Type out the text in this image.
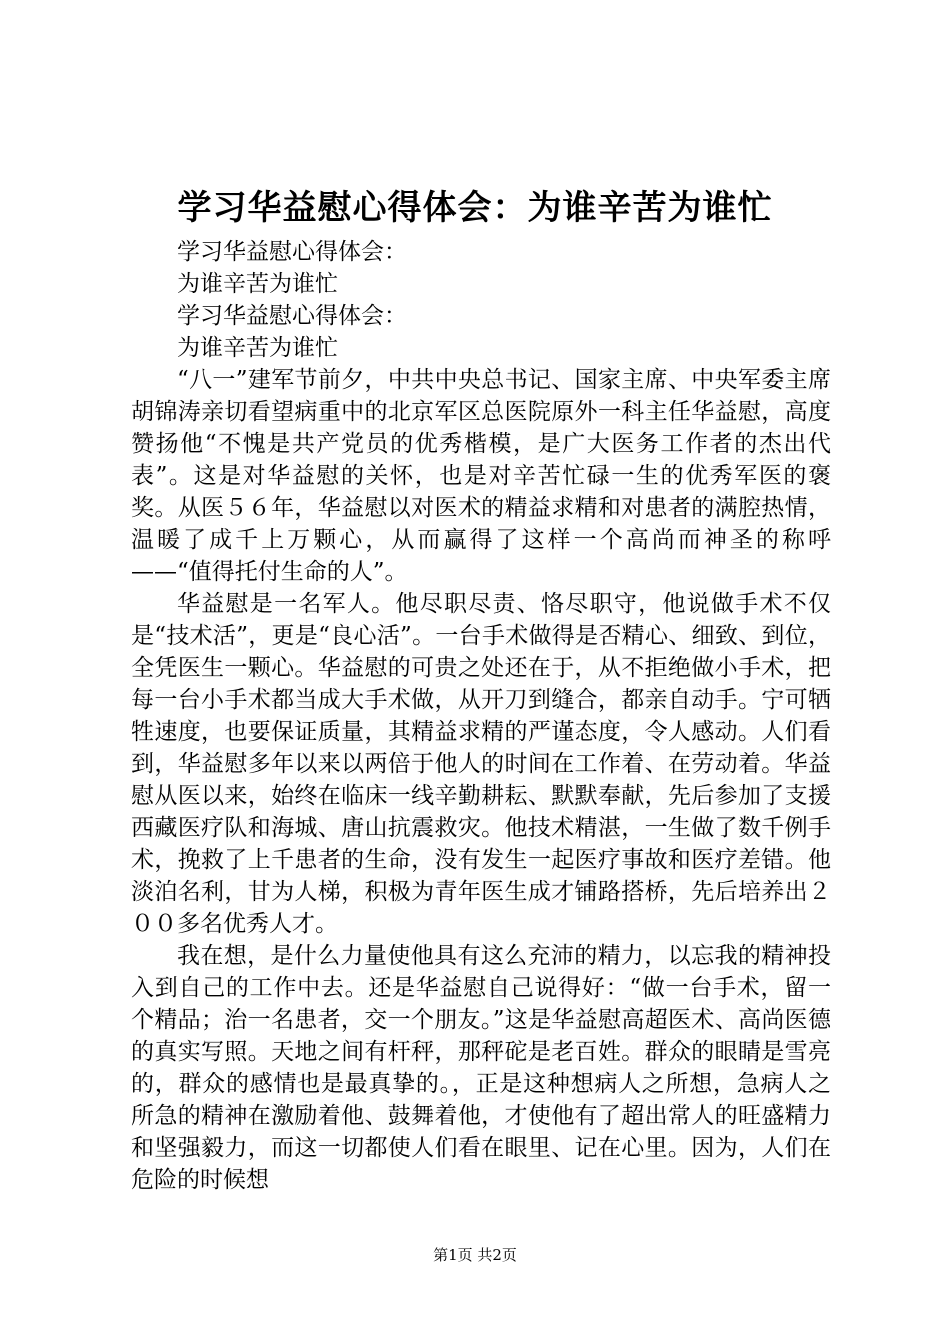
学习华益慰心得体会：为谁辛苦为谁忙

学习华益慰心得体会：

为谁辛苦为谁忙

学习华益慰心得体会：

为谁辛苦为谁忙

“八一”建军节前夕，中共中央总书记、国家主席、中央军委主席胡锦涛亲切看望病重中的北京军区总医院原外一科主任华益慰，高度赞扬他“不愧是共产党员的优秀楷模，是广大医务工作者的杰出代表”。这是对华益慰的关怀，也是对辛苦忙碌一生的优秀军医的褒奖。从医５６年，华益慰以对医术的精益求精和对患者的满腔热情，温暖了成千上万颗心，从而赢得了这样一个高尚而神圣的称呼——“值得托付生命的人”。

华益慰是一名军人。他尽职尽责、恪尽职守，他说做手术不仅是“技术活”，更是“良心活”。一台手术做得是否精心、细致、到位，全凭医生一颗心。华益慰的可贵之处还在于，从不拒绝做小手术，把每一台小手术都当成大手术做，从开刀到缝合，都亲自动手。宁可牺牲速度，也要保证质量，其精益求精的严谨态度，令人感动。人们看到，华益慰多年以来以两倍于他人的时间在工作着、在劳动着。华益慰从医以来，始终在临床一线辛勤耕耘、默默奉献，先后参加了支援西藏医疗队和海城、唐山抗震救灾。他技术精湛，一生做了数千例手术，挽救了上千患者的生命，没有发生一起医疗事故和医疗差错。他淡泊名利，甘为人梯，积极为青年医生成才铺路搭桥，先后培养出２００多名优秀人才。

我在想，是什么力量使他具有这么充沛的精力，以忘我的精神投入到自己的工作中去。还是华益慰自己说得好：“做一台手术，留一个精品；治一名患者，交一个朋友。”这是华益慰高超医术、高尚医德的真实写照。天地之间有杆秤，那秤砣是老百姓。群众的眼睛是雪亮的，群众的感情也是最真挚的。，正是这种想病人之所想，急病人之所急的精神在激励着他、鼓舞着他，才使他有了超出常人的旺盛精力和坚强毅力，而这一切都使人们看在眼里、记在心里。因为，人们在危险的时候想

第1页 共2页
